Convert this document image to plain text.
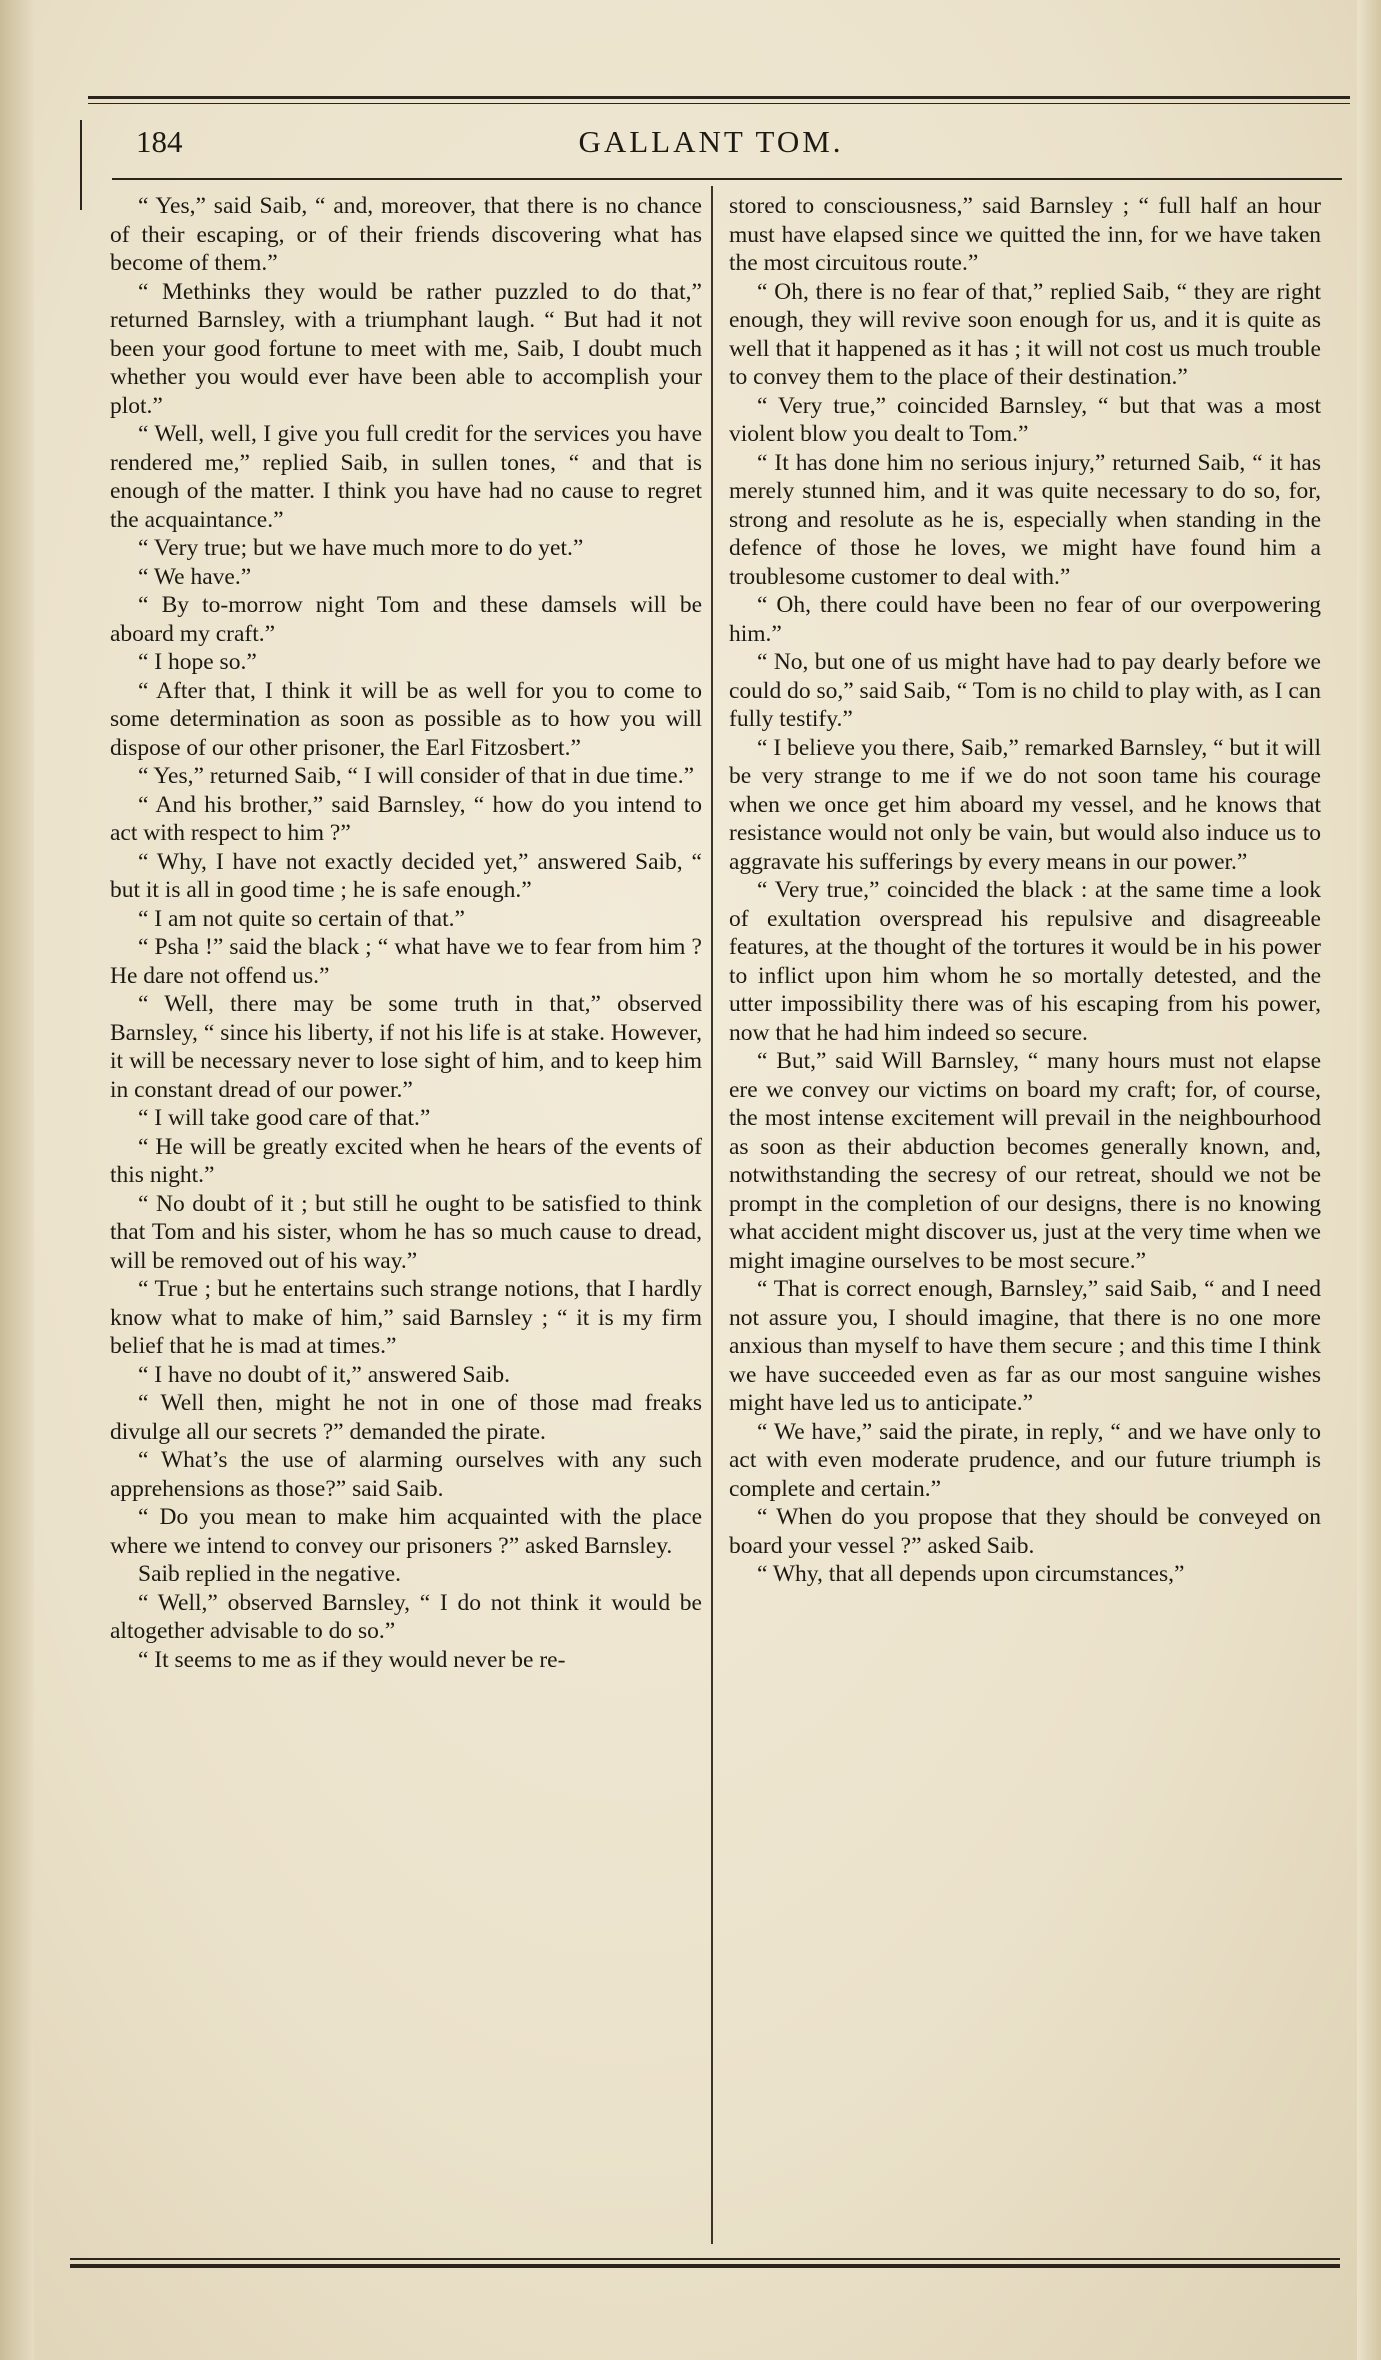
184	GALLANT TOM.

“ Yes,” said Saib, “ and, moreover, that there is no chance of their escaping, or of their friends discovering what has become of them.”

“ Methinks they would be rather puzzled to do that,” returned Barnsley, with a triumphant laugh. “ But had it not been your good fortune to meet with me, Saib, I doubt much whether you would ever have been able to accomplish your plot.”

“ Well, well, I give you full credit for the services you have rendered me,” replied Saib, in sullen tones, “ and that is enough of the matter. I think you have had no cause to regret the acquaintance.”

“ Very true; but we have much more to do yet.”

“ We have.”

“ By to-morrow night Tom and these damsels will be aboard my craft.”

“ I hope so.”

“ After that, I think it will be as well for you to come to some determination as soon as possible as to how you will dispose of our other prisoner, the Earl Fitzosbert.”

“ Yes,” returned Saib, “ I will consider of that in due time.”

“ And his brother,” said Barnsley, “ how do you intend to act with respect to him ?”

“ Why, I have not exactly decided yet,” answered Saib, “ but it is all in good time ; he is safe enough.”

“ I am not quite so certain of that.”

“ Psha !” said the black ; “ what have we to fear from him ? He dare not offend us.”

“ Well, there may be some truth in that,” observed Barnsley, “ since his liberty, if not his life is at stake. However, it will be necessary never to lose sight of him, and to keep him in constant dread of our power.”

“ I will take good care of that.”

“ He will be greatly excited when he hears of the events of this night.”

“ No doubt of it ; but still he ought to be satisfied to think that Tom and his sister, whom he has so much cause to dread, will be removed out of his way.”

“ True ; but he entertains such strange notions, that I hardly know what to make of him,” said Barnsley ; “ it is my firm belief that he is mad at times.”

“ I have no doubt of it,” answered Saib.

“ Well then, might he not in one of those mad freaks divulge all our secrets ?” demanded the pirate.

“ What’s the use of alarming ourselves with any such apprehensions as those?” said Saib.

“ Do you mean to make him acquainted with the place where we intend to convey our prisoners ?” asked Barnsley.

Saib replied in the negative.

“ Well,” observed Barnsley, “ I do not think it would be altogether advisable to do so.”

“ It seems to me as if they would never be re-

stored to consciousness,” said Barnsley ; “ full half an hour must have elapsed since we quitted the inn, for we have taken the most circuitous route.”

“ Oh, there is no fear of that,” replied Saib, “ they are right enough, they will revive soon enough for us, and it is quite as well that it happened as it has ; it will not cost us much trouble to convey them to the place of their destination.”

“ Very true,” coincided Barnsley, “ but that was a most violent blow you dealt to Tom.”

“ It has done him no serious injury,” returned Saib, “ it has merely stunned him, and it was quite necessary to do so, for, strong and resolute as he is, especially when standing in the defence of those he loves, we might have found him a troublesome customer to deal with.”

“ Oh, there could have been no fear of our overpowering him.”

“ No, but one of us might have had to pay dearly before we could do so,” said Saib, “ Tom is no child to play with, as I can fully testify.”

“ I believe you there, Saib,” remarked Barnsley, “ but it will be very strange to me if we do not soon tame his courage when we once get him aboard my vessel, and he knows that resistance would not only be vain, but would also induce us to aggravate his sufferings by every means in our power.”

“ Very true,” coincided the black : at the same time a look of exultation overspread his repulsive and disagreeable features, at the thought of the tortures it would be in his power to inflict upon him whom he so mortally detested, and the utter impossibility there was of his escaping from his power, now that he had him indeed so secure.

“ But,” said Will Barnsley, “ many hours must not elapse ere we convey our victims on board my craft; for, of course, the most intense excitement will prevail in the neighbourhood as soon as their abduction becomes generally known, and, notwithstanding the secresy of our retreat, should we not be prompt in the completion of our designs, there is no knowing what accident might discover us, just at the very time when we might imagine ourselves to be most secure.”

“ That is correct enough, Barnsley,” said Saib, “ and I need not assure you, I should imagine, that there is no one more anxious than myself to have them secure ; and this time I think we have succeeded even as far as our most sanguine wishes might have led us to anticipate.”

“ We have,” said the pirate, in reply, “ and we have only to act with even moderate prudence, and our future triumph is complete and certain.”

“ When do you propose that they should be conveyed on board your vessel ?” asked Saib.

“ Why, that all depends upon circumstances,”
